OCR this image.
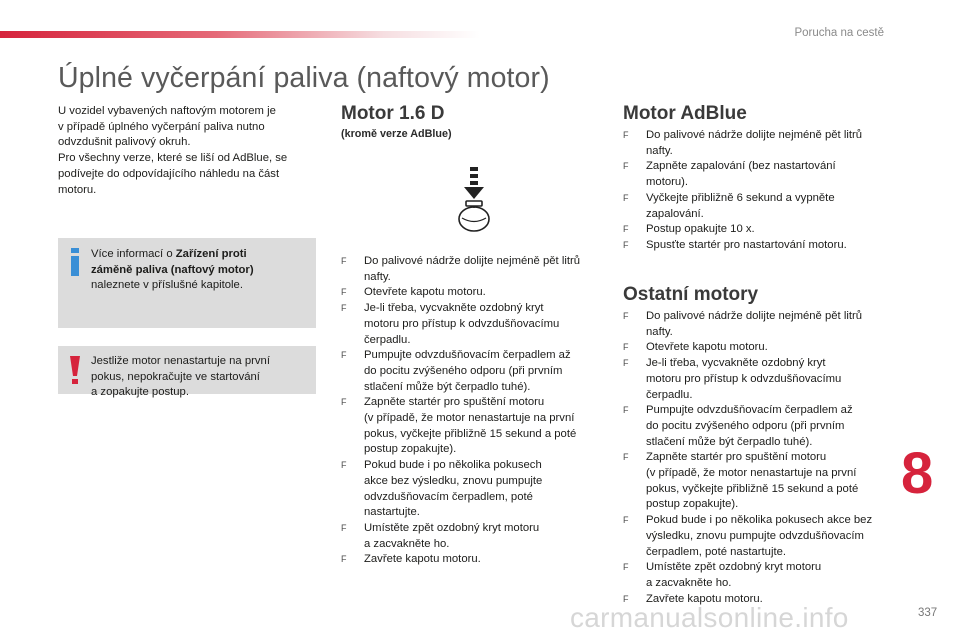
Porucha na cestě
Úplné vyčerpání paliva (naftový motor)
U vozidel vybavených naftovým motorem je
v případě úplného vyčerpání paliva nutno
odvzdušnit palivový okruh.
Pro všechny verze, které se liší od AdBlue, se
podívejte do odpovídajícího náhledu na část
motoru.
Více informací o Zařízení proti
záměně paliva (naftový motor)
naleznete v příslušné kapitole.
Jestliže motor nenastartuje na první
pokus, nepokračujte ve startování
a zopakujte postup.
Motor 1.6 D
(kromě verze AdBlue)
F Do palivové nádrže dolijte nejméně pět litrů
nafty.
F Otevřete kapotu motoru.
F Je-li třeba, vycvakněte ozdobný kryt
motoru pro přístup k odvzdušňovacímu
čerpadlu.
F Pumpujte odvzdušňovacím čerpadlem až
do pocitu zvýšeného odporu (při prvním
stlačení může být čerpadlo tuhé).
F Zapněte startér pro spuštění motoru
(v případě, že motor nenastartuje na první
pokus, vyčkejte přibližně 15 sekund a poté
postup zopakujte).
F Pokud bude i po několika pokusech
akce bez výsledku, znovu pumpujte
odvzdušňovacím čerpadlem, poté
nastartujte.
F Umístěte zpět ozdobný kryt motoru
a zacvakněte ho.
F Zavřete kapotu motoru.
Motor AdBlue
F Do palivové nádrže dolijte nejméně pět litrů
nafty.
F Zapněte zapalování (bez nastartování
motoru).
F Vyčkejte přibližně 6 sekund a vypněte
zapalování.
F Postup opakujte 10 x.
F Spusťte startér pro nastartování motoru.
Ostatní motory
F Do palivové nádrže dolijte nejméně pět litrů
nafty.
F Otevřete kapotu motoru.
F Je-li třeba, vycvakněte ozdobný kryt
motoru pro přístup k odvzdušňovacímu
čerpadlu.
F Pumpujte odvzdušňovacím čerpadlem až
do pocitu zvýšeného odporu (při prvním
stlačení může být čerpadlo tuhé).
F Zapněte startér pro spuštění motoru
(v případě, že motor nenastartuje na první
pokus, vyčkejte přibližně 15 sekund a poté
postup zopakujte).
F Pokud bude i po několika pokusech akce bez
výsledku, znovu pumpujte odvzdušňovacím
čerpadlem, poté nastartujte.
F Umístěte zpět ozdobný kryt motoru
a zacvakněte ho.
F Zavřete kapotu motoru.
8
carmanualsonline.info	337
